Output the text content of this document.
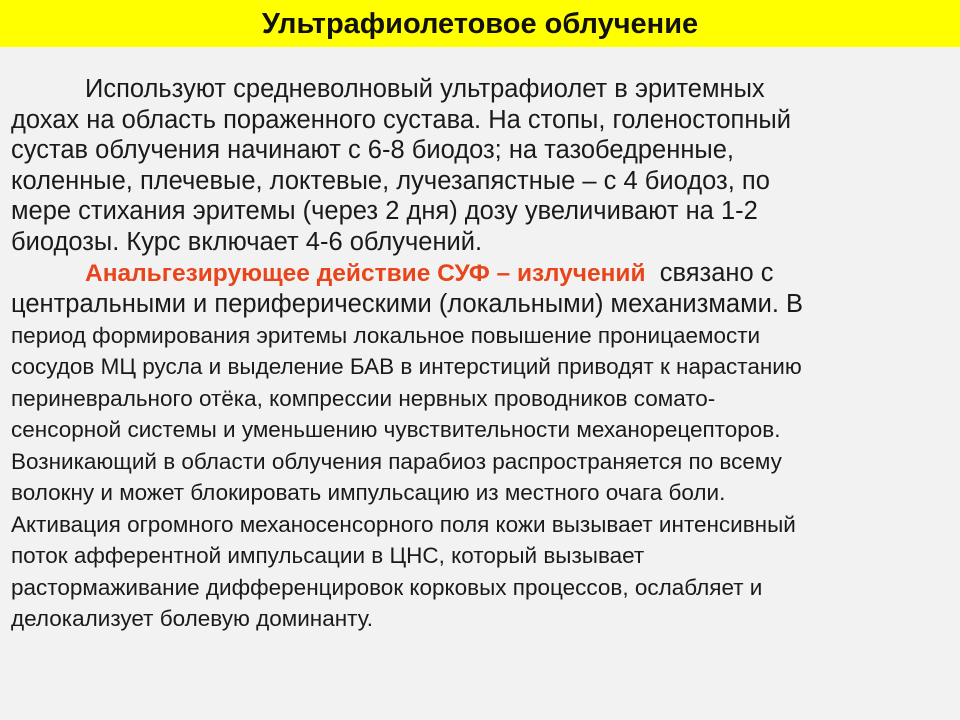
Ультрафиолетовое облучение
Используют средневолновый ультрафиолет в эритемных
дохах на область пораженного сустава. На стопы, голеностопный
сустав облучения начинают с 6-8 биодоз; на тазобедренные,
коленные, плечевые, локтевые, лучезапястные – с 4 биодоз, по
мере стихания эритемы (через 2 дня) дозу увеличивают на 1-2
биодозы. Курс включает 4-6 облучений.
Анальгезирующее действие СУФ – излучений  связано с
центральными и периферическими (локальными) механизмами. В
период формирования эритемы локальное повышение проницаемости
сосудов МЦ русла и выделение БАВ в интерстиций приводят к нарастанию
периневрального отёка, компрессии нервных проводников сомато-
сенсорной системы и уменьшению чувствительности механорецепторов.
Возникающий в области облучения парабиоз распространяется по всему
волокну и может блокировать импульсацию из местного очага боли.
Активация огромного механосенсорного поля кожи вызывает интенсивный
поток афферентной импульсации в ЦНС, который вызывает
растормаживание дифференцировок корковых процессов, ослабляет и
делокализует болевую доминанту.
